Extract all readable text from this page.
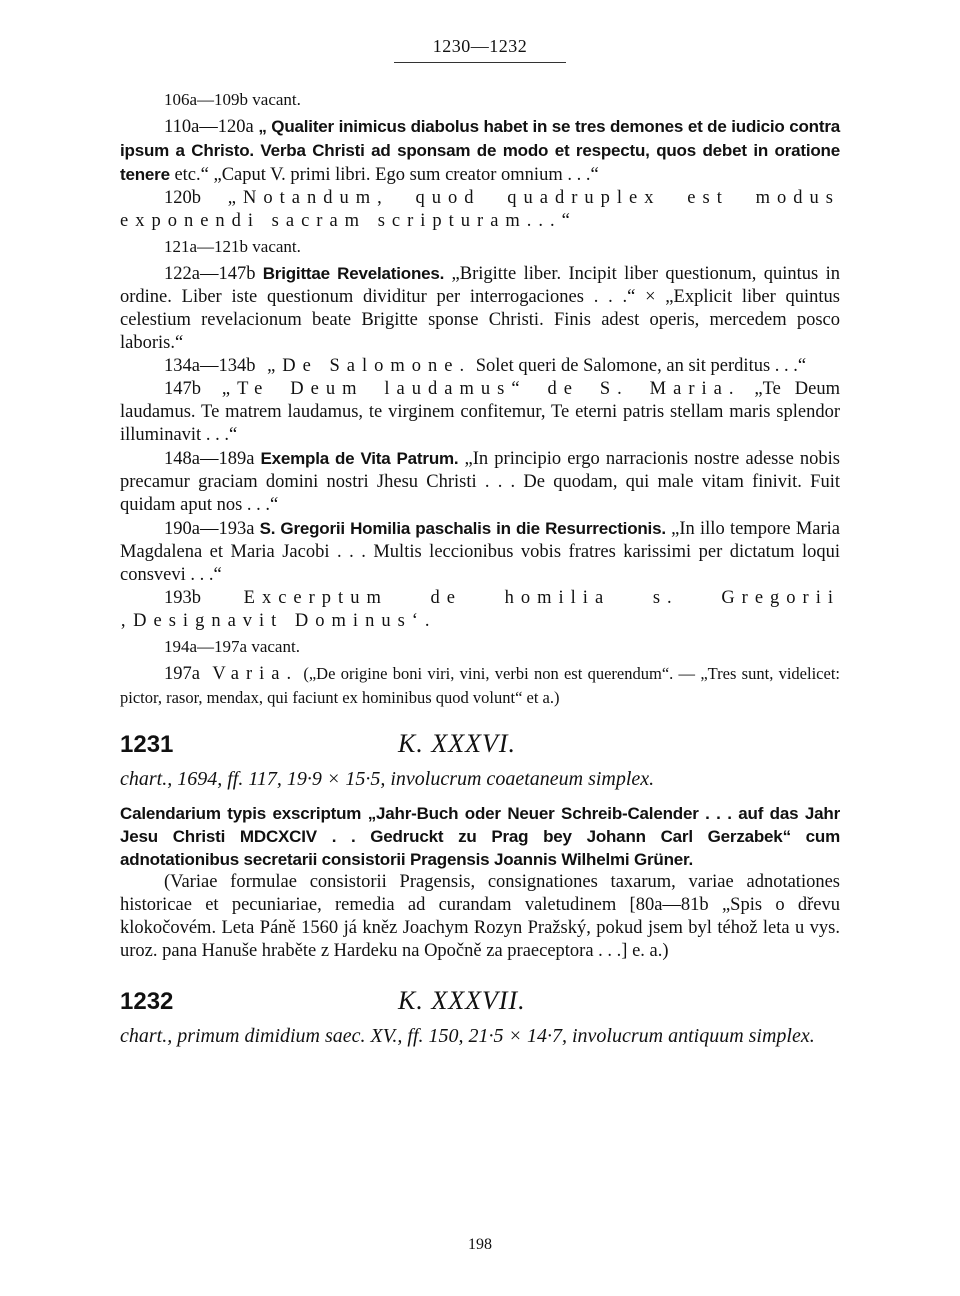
1230—1232

106a—109b vacant.

110a—120a „ Qualiter inimicus diabolus habet in se tres demones et de iudicio contra ipsum a Christo. Verba Christi ad sponsam de modo et respectu, quos debet in oratione tenere etc.“ „Caput V. primi libri. Ego sum creator omnium . . .“

120b „Notandum, quod quadruplex est modus exponendi sacram scripturam...“

121a—121b vacant.

122a—147b Brigittae Revelationes. „Brigitte liber. Incipit liber questionum, quintus in ordine. Liber iste questionum dividitur per interrogaciones . . .“ × „Explicit liber quintus celestium revelacionum beate Brigitte sponse Christi. Finis adest operis, mercedem posco laboris.“

134a—134b „De Salomone. Solet queri de Salomone, an sit perditus . . .“

147b „Te Deum laudamus“ de S. Maria. „Te Deum laudamus. Te matrem laudamus, te virginem confitemur, Te eterni patris stellam maris splendor illuminavit . . .“

148a—189a Exempla de Vita Patrum. „In principio ergo narracionis nostre adesse nobis precamur graciam domini nostri Jhesu Christi . . . De quodam, qui male vitam finivit. Fuit quidam aput nos . . .“

190a—193a S. Gregorii Homilia paschalis in die Resurrectionis. „In illo tempore Maria Magdalena et Maria Jacobi . . . Multis leccionibus vobis fratres karissimi per dictatum loqui consvevi . . .“

193b Excerptum de homilia s. Gregorii ‚Designavit Dominus‘.

194a—197a vacant.

197a Varia. („De origine boni viri, vini, verbi non est querendum“. — „Tres sunt, videlicet: pictor, rasor, mendax, qui faciunt ex hominibus quod volunt“ et a.)

1231	K. XXXVI.
chart., 1694, ff. 117, 19·9 × 15·5, involucrum coaetaneum simplex.

Calendarium typis exscriptum „Jahr-Buch oder Neuer Schreib-Calender . . . auf das Jahr Jesu Christi MDCXCIV . . Gedruckt zu Prag bey Johann Carl Gerzabek“ cum adnotationibus secretarii consistorii Pragensis Joannis Wilhelmi Grüner.

(Variae formulae consistorii Pragensis, consignationes taxarum, variae adnotationes historicae et pecuniariae, remedia ad curandam valetudinem [80a—81b „Spis o dřevu klokočovém. Leta Páně 1560 já kněz Joachym Rozyn Pražský, pokud jsem byl téhož leta u vys. uroz. pana Hanuše hraběte z Hardeku na Opočně za praeceptora . . .] e. a.)

1232	K. XXXVII.
chart., primum dimidium saec. XV., ff. 150, 21·5 × 14·7, involucrum antiquum simplex.
198
